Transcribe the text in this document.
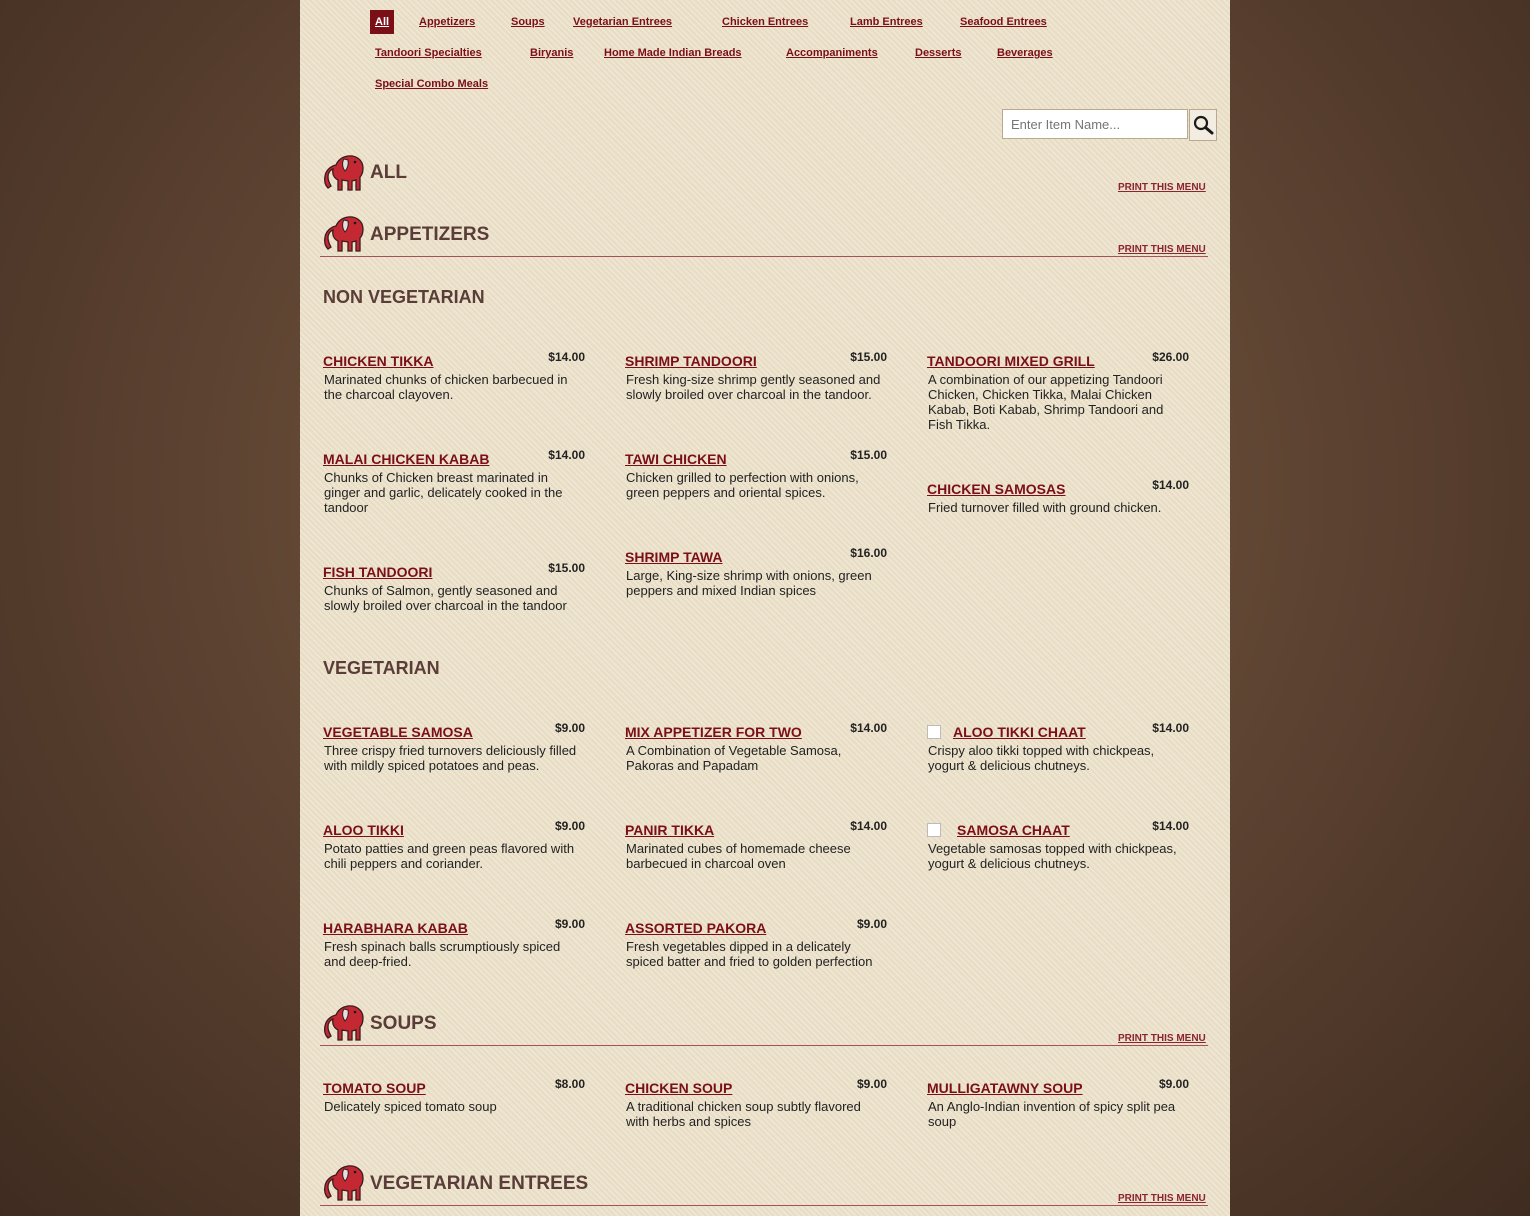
All	Appetizers	Soups	Vegetarian Entrees	Chicken Entrees	Lamb Entrees	Seafood Entrees
Tandoori Specialties	Biryanis	Home Made Indian Breads	Accompaniments	Desserts	Beverages
Special Combo Meals
Enter Item Name...
ALL
PRINT THIS MENU
APPETIZERS
PRINT THIS MENU
NON VEGETARIAN
CHICKEN TIKKA	$14.00
Marinated chunks of chicken barbecued in the charcoal clayoven.
SHRIMP TANDOORI	$15.00
Fresh king-size shrimp gently seasoned and slowly broiled over charcoal in the tandoor.
TANDOORI MIXED GRILL	$26.00
A combination of our appetizing Tandoori Chicken, Chicken Tikka, Malai Chicken Kabab, Boti Kabab, Shrimp Tandoori and Fish Tikka.
MALAI CHICKEN KABAB	$14.00
Chunks of Chicken breast marinated in ginger and garlic, delicately cooked in the tandoor
TAWI CHICKEN	$15.00
Chicken grilled to perfection with onions, green peppers and oriental spices.	CHICKEN SAMOSAS	$14.00
Fried turnover filled with ground chicken.
FISH TANDOORI	$15.00
Chunks of Salmon, gently seasoned and slowly broiled over charcoal in the tandoor
SHRIMP TAWA	$16.00
Large, King-size shrimp with onions, green peppers and mixed Indian spices
VEGETARIAN
VEGETABLE SAMOSA	$9.00
Three crispy fried turnovers deliciously filled with mildly spiced potatoes and peas.
MIX APPETIZER FOR TWO	$14.00
A Combination of Vegetable Samosa, Pakoras and Papadam
ALOO TIKKI CHAAT	$14.00
Crispy aloo tikki topped with chickpeas, yogurt & delicious chutneys.
ALOO TIKKI	$9.00
Potato patties and green peas flavored with chili peppers and coriander.
PANIR TIKKA	$14.00
Marinated cubes of homemade cheese barbecued in charcoal oven
SAMOSA CHAAT	$14.00
Vegetable samosas topped with chickpeas, yogurt & delicious chutneys.
HARABHARA KABAB	$9.00
Fresh spinach balls scrumptiously spiced and deep-fried.
ASSORTED PAKORA	$9.00
Fresh vegetables dipped in a delicately spiced batter and fried to golden perfection
SOUPS
PRINT THIS MENU
TOMATO SOUP	$8.00
Delicately spiced tomato soup
CHICKEN SOUP	$9.00
A traditional chicken soup subtly flavored with herbs and spices
MULLIGATAWNY SOUP	$9.00
An Anglo-Indian invention of spicy split pea soup
VEGETARIAN ENTREES
PRINT THIS MENU
